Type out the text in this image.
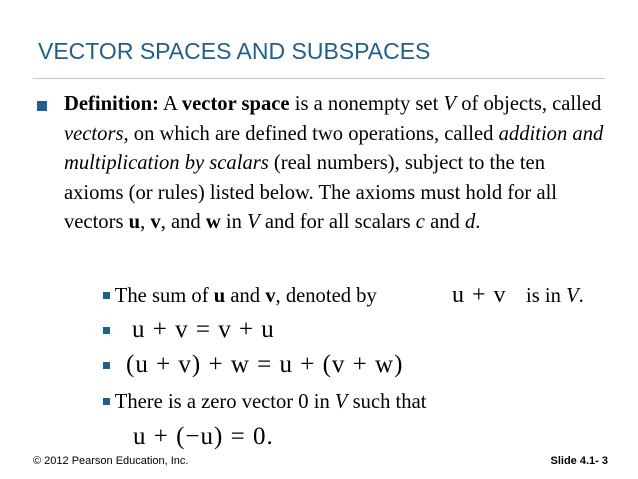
VECTOR SPACES AND SUBSPACES
Definition: A vector space is a nonempty set V of objects, called vectors, on which are defined two operations, called addition and multiplication by scalars (real numbers), subject to the ten axioms (or rules) listed below. The axioms must hold for all vectors u, v, and w in V and for all scalars c and d.
The sum of u and v, denoted by	u + v is in V.
u + v = v + u
(u + v) + w = u + (v + w)
There is a zero vector 0 in V such that
u + (−u) = 0.
© 2012 Pearson Education, Inc.	Slide 4.1- 3
